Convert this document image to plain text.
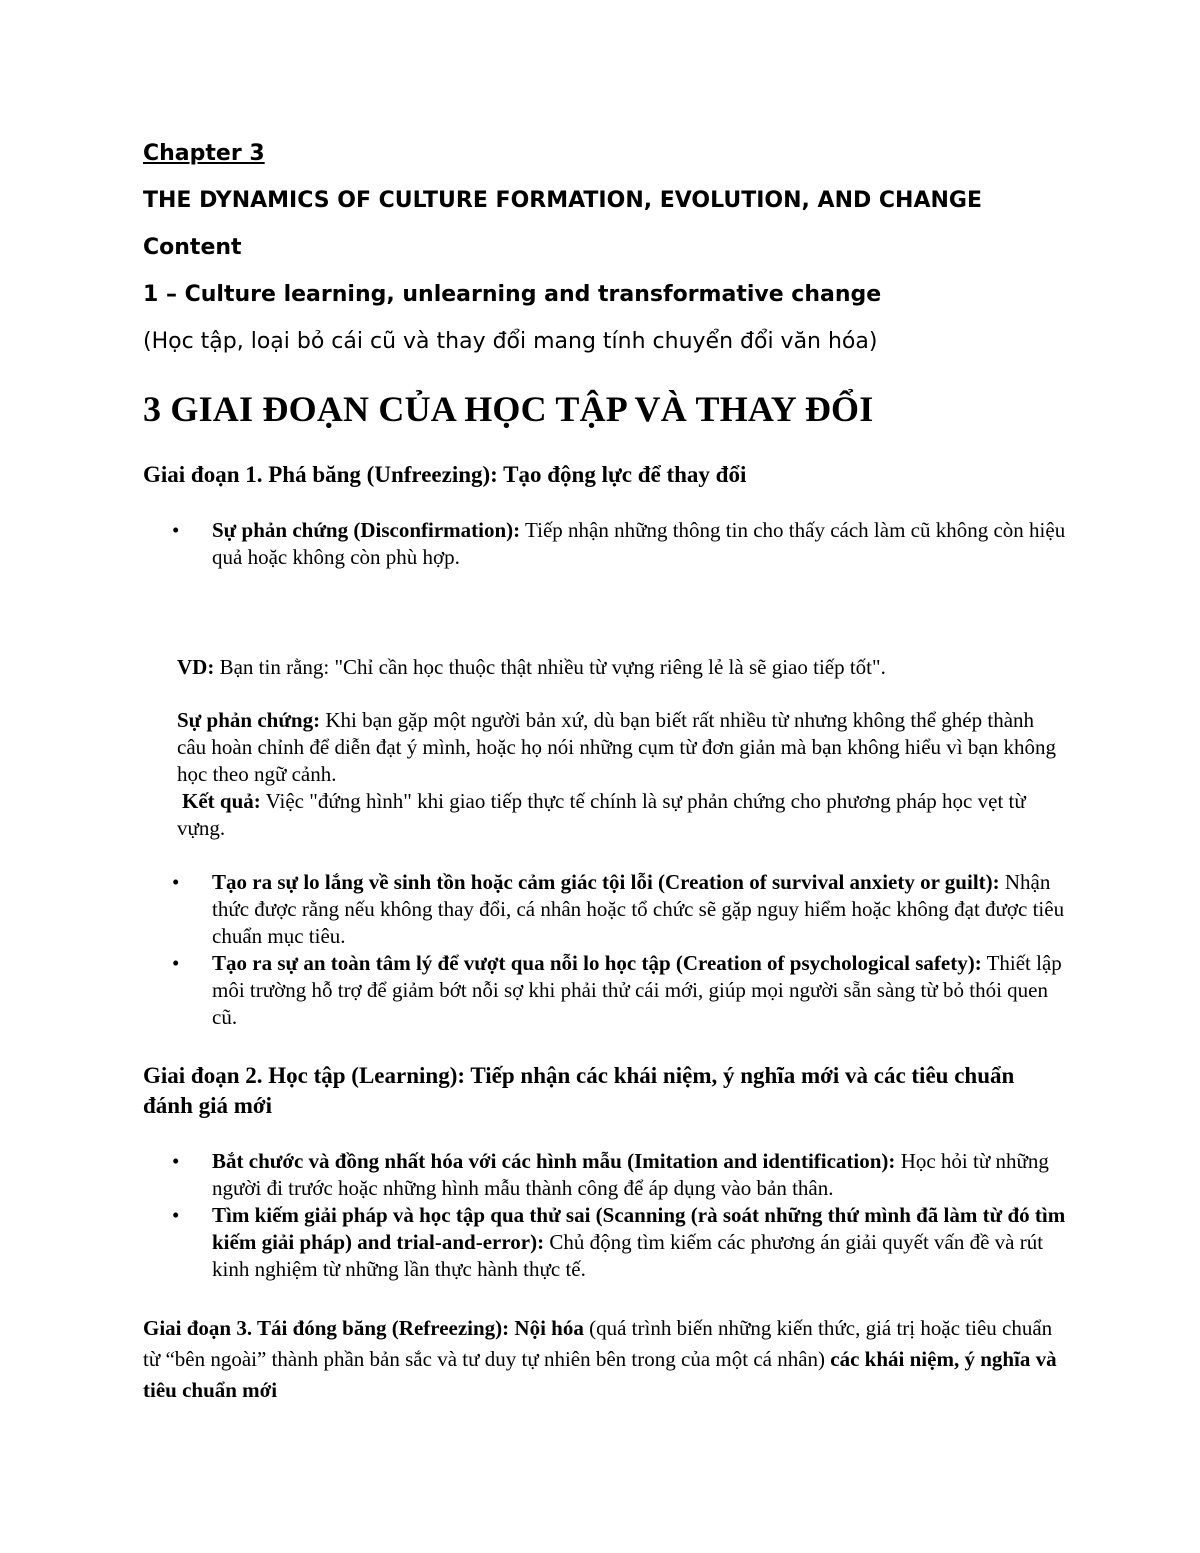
Chapter 3

THE DYNAMICS OF CULTURE FORMATION, EVOLUTION, AND CHANGE

Content

1 – Culture learning, unlearning and transformative change

(Học tập, loại bỏ cái cũ và thay đổi mang tính chuyển đổi văn hóa)

3 GIAI ĐOẠN CỦA HỌC TẬP VÀ THAY ĐỔI

Giai đoạn 1. Phá băng (Unfreezing): Tạo động lực để thay đổi

• Sự phản chứng (Disconfirmation): Tiếp nhận những thông tin cho thấy cách làm cũ không còn hiệu quả hoặc không còn phù hợp.

VD: Bạn tin rằng: "Chỉ cần học thuộc thật nhiều từ vựng riêng lẻ là sẽ giao tiếp tốt".

Sự phản chứng: Khi bạn gặp một người bản xứ, dù bạn biết rất nhiều từ nhưng không thể ghép thành câu hoàn chỉnh để diễn đạt ý mình, hoặc họ nói những cụm từ đơn giản mà bạn không hiểu vì bạn không học theo ngữ cảnh.

Kết quả: Việc "đứng hình" khi giao tiếp thực tế chính là sự phản chứng cho phương pháp học vẹt từ vựng.

• Tạo ra sự lo lắng về sinh tồn hoặc cảm giác tội lỗi (Creation of survival anxiety or guilt): Nhận thức được rằng nếu không thay đổi, cá nhân hoặc tổ chức sẽ gặp nguy hiểm hoặc không đạt được tiêu chuẩn mục tiêu.
• Tạo ra sự an toàn tâm lý để vượt qua nỗi lo học tập (Creation of psychological safety): Thiết lập môi trường hỗ trợ để giảm bớt nỗi sợ khi phải thử cái mới, giúp mọi người sẵn sàng từ bỏ thói quen cũ.

Giai đoạn 2. Học tập (Learning): Tiếp nhận các khái niệm, ý nghĩa mới và các tiêu chuẩn đánh giá mới

• Bắt chước và đồng nhất hóa với các hình mẫu (Imitation and identification): Học hỏi từ những người đi trước hoặc những hình mẫu thành công để áp dụng vào bản thân.
• Tìm kiếm giải pháp và học tập qua thử sai (Scanning (rà soát những thứ mình đã làm từ đó tìm kiếm giải pháp) and trial-and-error): Chủ động tìm kiếm các phương án giải quyết vấn đề và rút kinh nghiệm từ những lần thực hành thực tế.

Giai đoạn 3. Tái đóng băng (Refreezing): Nội hóa (quá trình biến những kiến thức, giá trị hoặc tiêu chuẩn từ “bên ngoài” thành phần bản sắc và tư duy tự nhiên bên trong của một cá nhân) các khái niệm, ý nghĩa và tiêu chuẩn mới
